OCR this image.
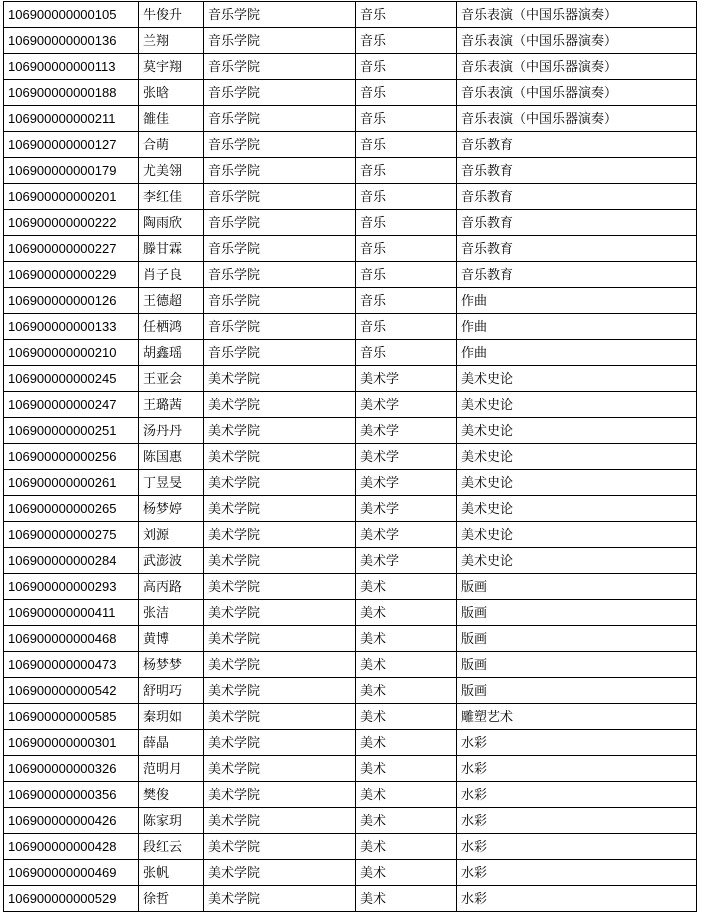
106900000000105	牛俊升	音乐学院	音乐	音乐表演（中国乐器演奏）
106900000000136	兰翔	音乐学院	音乐	音乐表演（中国乐器演奏）
106900000000113	莫宇翔	音乐学院	音乐	音乐表演（中国乐器演奏）
106900000000188	张晗	音乐学院	音乐	音乐表演（中国乐器演奏）
106900000000211	雒佳	音乐学院	音乐	音乐表演（中国乐器演奏）
106900000000127	合萌	音乐学院	音乐	音乐教育
106900000000179	尤美翎	音乐学院	音乐	音乐教育
106900000000201	李红佳	音乐学院	音乐	音乐教育
106900000000222	陶雨欣	音乐学院	音乐	音乐教育
106900000000227	滕甘霖	音乐学院	音乐	音乐教育
106900000000229	肖子良	音乐学院	音乐	音乐教育
106900000000126	王德超	音乐学院	音乐	作曲
106900000000133	任栖鸿	音乐学院	音乐	作曲
106900000000210	胡鑫瑶	音乐学院	音乐	作曲
106900000000245	王亚会	美术学院	美术学	美术史论
106900000000247	王璐茜	美术学院	美术学	美术史论
106900000000251	汤丹丹	美术学院	美术学	美术史论
106900000000256	陈国惠	美术学院	美术学	美术史论
106900000000261	丁昱旻	美术学院	美术学	美术史论
106900000000265	杨梦婷	美术学院	美术学	美术史论
106900000000275	刘源	美术学院	美术学	美术史论
106900000000284	武澎波	美术学院	美术学	美术史论
106900000000293	高丙路	美术学院	美术	版画
106900000000411	张洁	美术学院	美术	版画
106900000000468	黄博	美术学院	美术	版画
106900000000473	杨梦梦	美术学院	美术	版画
106900000000542	舒明巧	美术学院	美术	版画
106900000000585	秦玥如	美术学院	美术	雕塑艺术
106900000000301	薛晶	美术学院	美术	水彩
106900000000326	范明月	美术学院	美术	水彩
106900000000356	樊俊	美术学院	美术	水彩
106900000000426	陈家玥	美术学院	美术	水彩
106900000000428	段红云	美术学院	美术	水彩
106900000000469	张帆	美术学院	美术	水彩
106900000000529	徐哲	美术学院	美术	水彩
